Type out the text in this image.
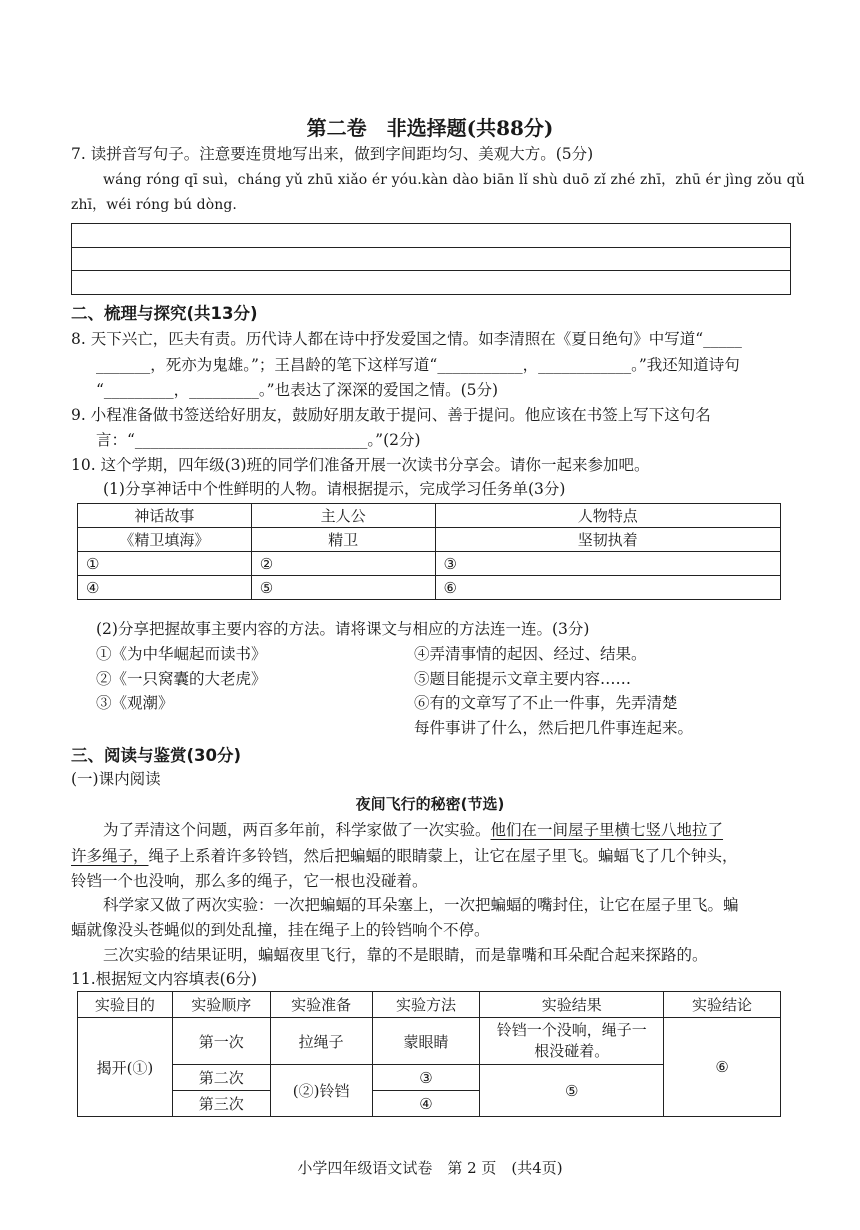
第二卷　非选择题(共88分)
7. 读拼音写句子。注意要连贯地写出来，做到字间距均匀、美观大方。(5分)
wáng róng qī suì，cháng yǔ zhū xiǎo ér yóu.kàn dào biān lǐ shù duō zǐ zhé zhī，zhū ér jìng zǒu qǔ
zhī，wéi róng bú dòng.
二、梳理与探究(共13分)
8. 天下兴亡，匹夫有责。历代诗人都在诗中抒发爱国之情。如李清照在《夏日绝句》中写道“_____
_______，死亦为鬼雄。”；王昌龄的笔下这样写道“___________，____________。”我还知道诗句
“_________，_________。”也表达了深深的爱国之情。(5分)
9. 小程准备做书签送给好朋友，鼓励好朋友敢于提问、善于提问。他应该在书签上写下这句名
言：“______________________________。”(2分)
10. 这个学期，四年级(3)班的同学们准备开展一次读书分享会。请你一起来参加吧。
(1)分享神话中个性鲜明的人物。请根据提示，完成学习任务单(3分)
神话故事	主人公	人物特点
《精卫填海》	精卫	坚韧执着
①	②	③
④	⑤	⑥
(2)分享把握故事主要内容的方法。请将课文与相应的方法连一连。(3分)
①《为中华崛起而读书》
②《一只窝囊的大老虎》
③《观潮》
④弄清事情的起因、经过、结果。
⑤题目能提示文章主要内容……
⑥有的文章写了不止一件事，先弄清楚
每件事讲了什么，然后把几件事连起来。
三、阅读与鉴赏(30分)
(一)课内阅读
夜间飞行的秘密(节选)
为了弄清这个问题，两百多年前，科学家做了一次实验。他们在一间屋子里横七竖八地拉了
许多绳子，绳子上系着许多铃铛，然后把蝙蝠的眼睛蒙上，让它在屋子里飞。蝙蝠飞了几个钟头，
铃铛一个也没响，那么多的绳子，它一根也没碰着。
科学家又做了两次实验：一次把蝙蝠的耳朵塞上，一次把蝙蝠的嘴封住，让它在屋子里飞。蝙
蝠就像没头苍蝇似的到处乱撞，挂在绳子上的铃铛响个不停。
三次实验的结果证明，蝙蝠夜里飞行，靠的不是眼睛，而是靠嘴和耳朵配合起来探路的。
11.根据短文内容填表(6分)
实验目的	实验顺序	实验准备	实验方法	实验结果	实验结论
揭开(①)	第一次	拉绳子	蒙眼睛	铃铛一个没响，绳子一
根没碰着。	⑥
	第二次	(②)铃铛	③	⑤	
	第三次		④		
小学四年级语文试卷　第 2 页　(共4页)
